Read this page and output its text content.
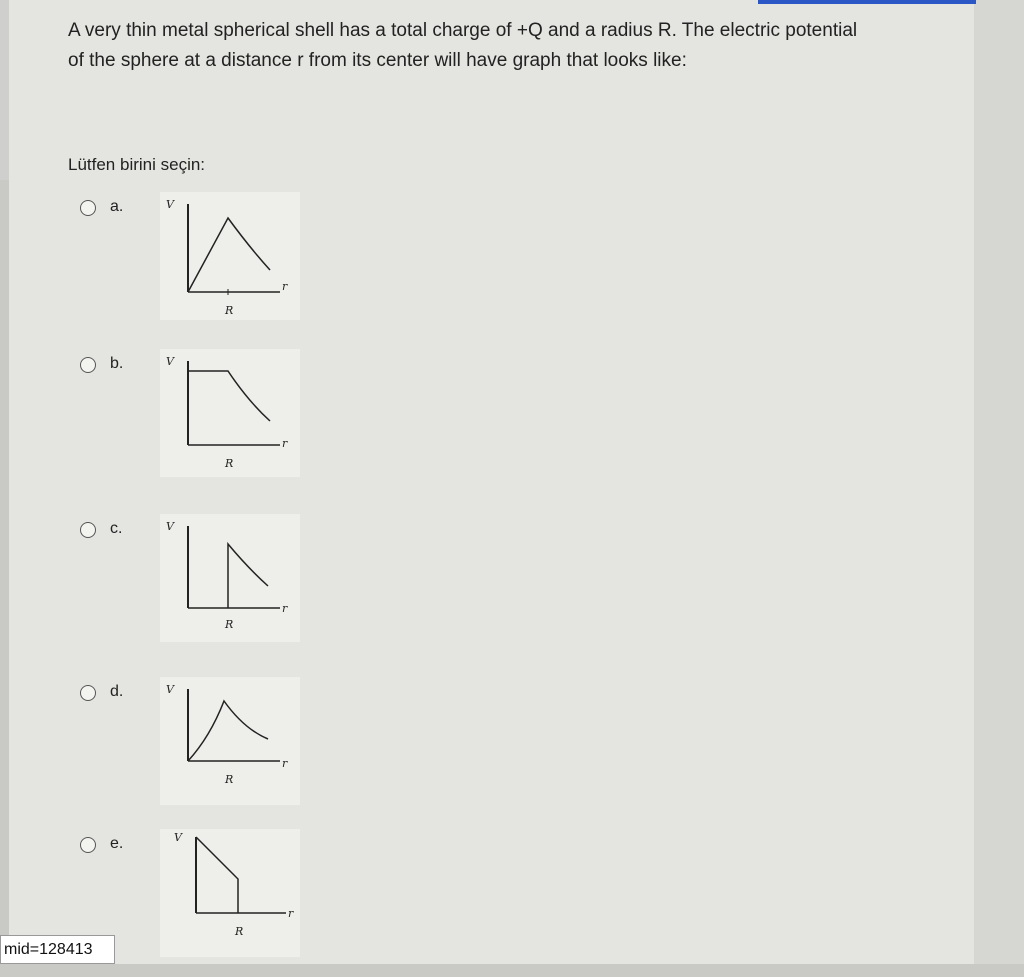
A very thin metal spherical shell has a total charge of +Q and a radius R. The electric potential

of the sphere at a distance r from its center will have graph that looks like:

Lütfen birini seçin:
a.	V
r
R
b.	V
r
R
c.	V
r
R
d.	V
r
R
e.	V
r
R
mid=128413
